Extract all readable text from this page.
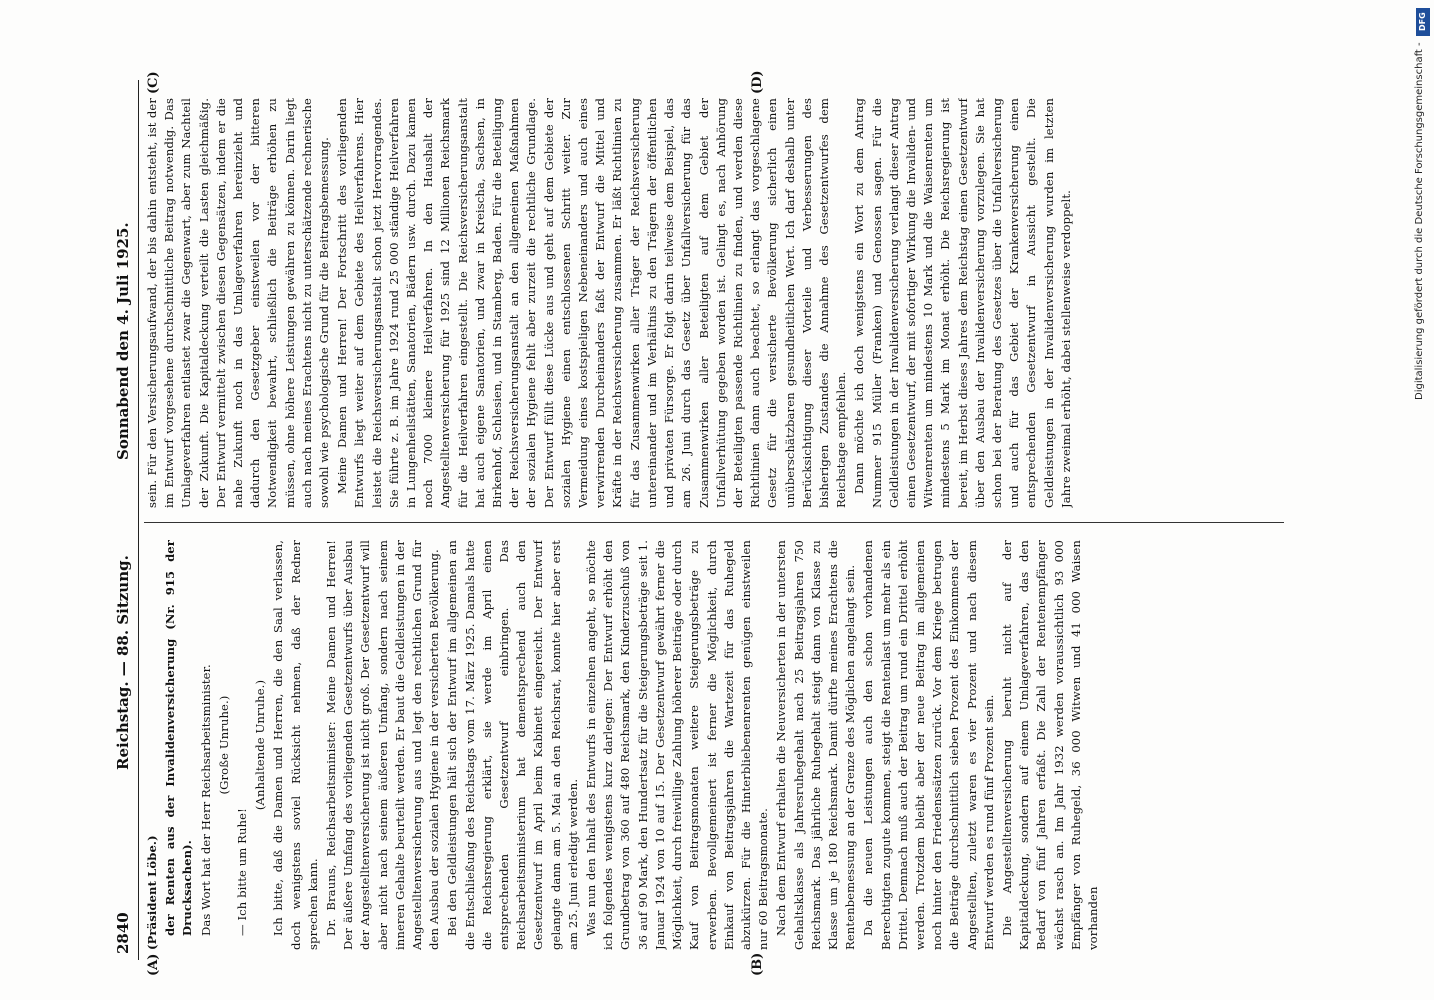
2840
Reichstag. — 88. Sitzung.
Sonnabend den 4. Juli 1925.
(A)	(B)
(C)	(D)

(Präsident Löbe.) der Renten aus der Invalidenversicherung (Nr. 915 der Drucksachen). Das Wort hat der Herr Reichsarbeitsminister. (Große Unruhe.)

— Ich bitte um Ruhe!

(Anhaltende Unruhe.) Ich bitte, daß die Damen und Herren, die den Saal verlassen, doch wenigstens soviel Rücksicht nehmen, daß der Redner sprechen kann. Dr. Brauns, Reichsarbeitsminister: Meine Damen und Herren! Der äußere Umfang des vorliegenden Gesetzentwurfs über Ausbau der Angestelltenversicherung ist nicht groß. Der Gesetzentwurf will aber nicht nach seinem äußeren Umfang, sondern nach seinem inneren Gehalte beurteilt werden. Er baut die Geldleistungen in der Angestelltenversicherung aus und legt den rechtlichen Grund für den Ausbau der sozialen Hygiene in der versicherten Bevölkerung. Bei den Geldleistungen hält sich der Entwurf im allgemeinen an die Entschließung des Reichstags vom 17. März 1925. Damals hatte die Reichsregierung erklärt, sie werde im April einen entsprechenden Gesetzentwurf einbringen. Das Reichsarbeitsministerium hat dementsprechend auch den Gesetzentwurf im April beim Kabinett eingereicht. Der Entwurf gelangte dann am 5. Mai an den Reichsrat, konnte hier aber erst am 25. Juni erledigt werden. Was nun den Inhalt des Entwurfs in einzelnen angeht, so möchte ich folgendes wenigstens kurz darlegen: Der Entwurf erhöht den Grundbetrag von 360 auf 480 Reichsmark, den Kinderzuschuß von 36 auf 90 Mark, den Hundertsatz für die Steigerungsbeträge seit 1. Januar 1924 von 10 auf 15. Der Gesetzentwurf gewährt ferner die Möglichkeit, durch freiwillige Zahlung höherer Beiträge oder durch Kauf von Beitragsmonaten weitere Steigerungsbeträge zu erwerben. Bevollgemeinert ist ferner die Möglichkeit, durch Einkauf von Beitragsjahren die Wartezeit für das Ruhegeld abzukürzen. Für die Hinterbliebenenrenten genügen einstweilen nur 60 Beitragsmonate. Nach dem Entwurf erhalten die Neuversicherten in der untersten Gehaltsklasse als Jahresruhegehalt nach 25 Beitragsjahren 750 Reichsmark. Das jährliche Ruhegehalt steigt dann von Klasse zu Klasse um je 180 Reichsmark. Damit dürfte meines Erachtens die Rentenbemessung an der Grenze des Möglichen angelangt sein. Da die neuen Leistungen auch den schon vorhandenen Berechtigten zugute kommen, steigt die Rentenlast um mehr als ein Drittel. Demnach muß auch der Beitrag um rund ein Drittel erhöht werden. Trotzdem bleibt aber der neue Beitrag im allgemeinen noch hinter den Friedenssätzen zurück. Vor dem Kriege betrugen die Beiträge durchschnittlich sieben Prozent des Einkommens der Angestellten, zuletzt waren es vier Prozent und nach diesem Entwurf werden es rund fünf Prozent sein. Die Angestelltenversicherung beruht nicht auf der Kapitaldeckung, sondern auf einem Umlageverfahren, das den Bedarf von fünf Jahren erfaßt. Die Zahl der Rentenempfänger wächst rasch an. Im Jahr 1932 werden voraussichtlich 93 000 Empfänger von Ruhegeld, 36 000 Witwen und 41 000 Waisen vorhanden

sein. Für den Versicherungsaufwand, der bis dahin entsteht, ist der im Entwurf vorgesehene durchschnittliche Beitrag notwendig. Das Umlageverfahren entlastet zwar die Gegenwart, aber zum Nachteil der Zukunft. Die Kapitaldeckung verteilt die Lasten gleichmäßig. Der Entwurf vermittelt zwischen diesen Gegensätzen, indem er die nahe Zukunft noch in das Umlageverfahren hereinzieht und dadurch den Gesetzgeber einstweilen vor der bitteren Notwendigkeit bewahrt, schließlich die Beiträge erhöhen zu müssen, ohne höhere Leistungen gewähren zu können. Darin liegt auch nach meines Erachtens nicht zu unterschätzende rechnerische sowohl wie psychologische Grund für die Beitragsbemessung. Meine Damen und Herren! Der Fortschritt des vorliegenden Entwurfs liegt weiter auf dem Gebiete des Heilverfahrens. Hier leistet die Reichsversicherungsanstalt schon jetzt Hervorragendes. Sie führte z. B. im Jahre 1924 rund 25 000 ständige Heilverfahren in Lungenheilstätten, Sanatorien, Bädern usw. durch. Dazu kamen noch 7000 kleinere Heilverfahren. In den Haushalt der Angestelltenversicherung für 1925 sind 12 Millionen Reichsmark für die Heilverfahren eingestellt. Die Reichsversicherungsanstalt hat auch eigene Sanatorien, und zwar in Kreischa, Sachsen, in Birkenhof, Schlesien, und in Stamberg, Baden. Für die Beteiligung der Reichsversicherungsanstalt an den allgemeinen Maßnahmen der sozialen Hygiene fehlt aber zurzeit die rechtliche Grundlage. Der Entwurf füllt diese Lücke aus und geht auf dem Gebiete der sozialen Hygiene einen entschlossenen Schritt weiter. Zur Vermeidung eines kostspieligen Nebeneinanders und auch eines verwirrenden Durcheinanders faßt der Entwurf die Mittel und Kräfte in der Reichsversicherung zusammen. Er läßt Richtlinien zu für das Zusammenwirken aller Träger der Reichsversicherung untereinander und im Verhältnis zu den Trägern der öffentlichen und privaten Fürsorge. Er folgt darin teilweise dem Beispiel, das am 26. Juni durch das Gesetz über Unfallversicherung für das Zusammenwirken aller Beteiligten auf dem Gebiet der Unfallverhütung gegeben worden ist. Gelingt es, nach Anhörung der Beteiligten passende Richtlinien zu finden, und werden diese Richtlinien dann auch beachtet, so erlangt das vorgeschlagene Gesetz für die versicherte Bevölkerung sicherlich einen unüberschätzbaren gesundheitlichen Wert. Ich darf deshalb unter Berücksichtigung dieser Vorteile und Verbesserungen des bisherigen Zustandes die Annahme des Gesetzentwurfes dem Reichstage empfehlen. Dann möchte ich doch wenigstens ein Wort zu dem Antrag Nummer 915 Müller (Franken) und Genossen sagen. Für die Geldleistungen in der Invalidenversicherung verlangt dieser Antrag einen Gesetzentwurf, der mit sofortiger Wirkung die Invaliden- und Witwenrenten um mindestens 10 Mark und die Waisenrenten um mindestens 5 Mark im Monat erhöht. Die Reichsregierung ist bereit, im Herbst dieses Jahres dem Reichstag einen Gesetzentwurf über den Ausbau der Invalidenversicherung vorzulegen. Sie hat schon bei der Beratung des Gesetzes über die Unfallversicherung und auch für das Gebiet der Krankenversicherung einen entsprechenden Gesetzentwurf in Aussicht gestellt. Die Geldleistungen in der Invalidenversicherung wurden im letzten Jahre zweimal erhöht, dabei stellenweise verdoppelt.

DFG
Digitalisierung gefördert durch die Deutsche Forschungsgemeinschaft -
